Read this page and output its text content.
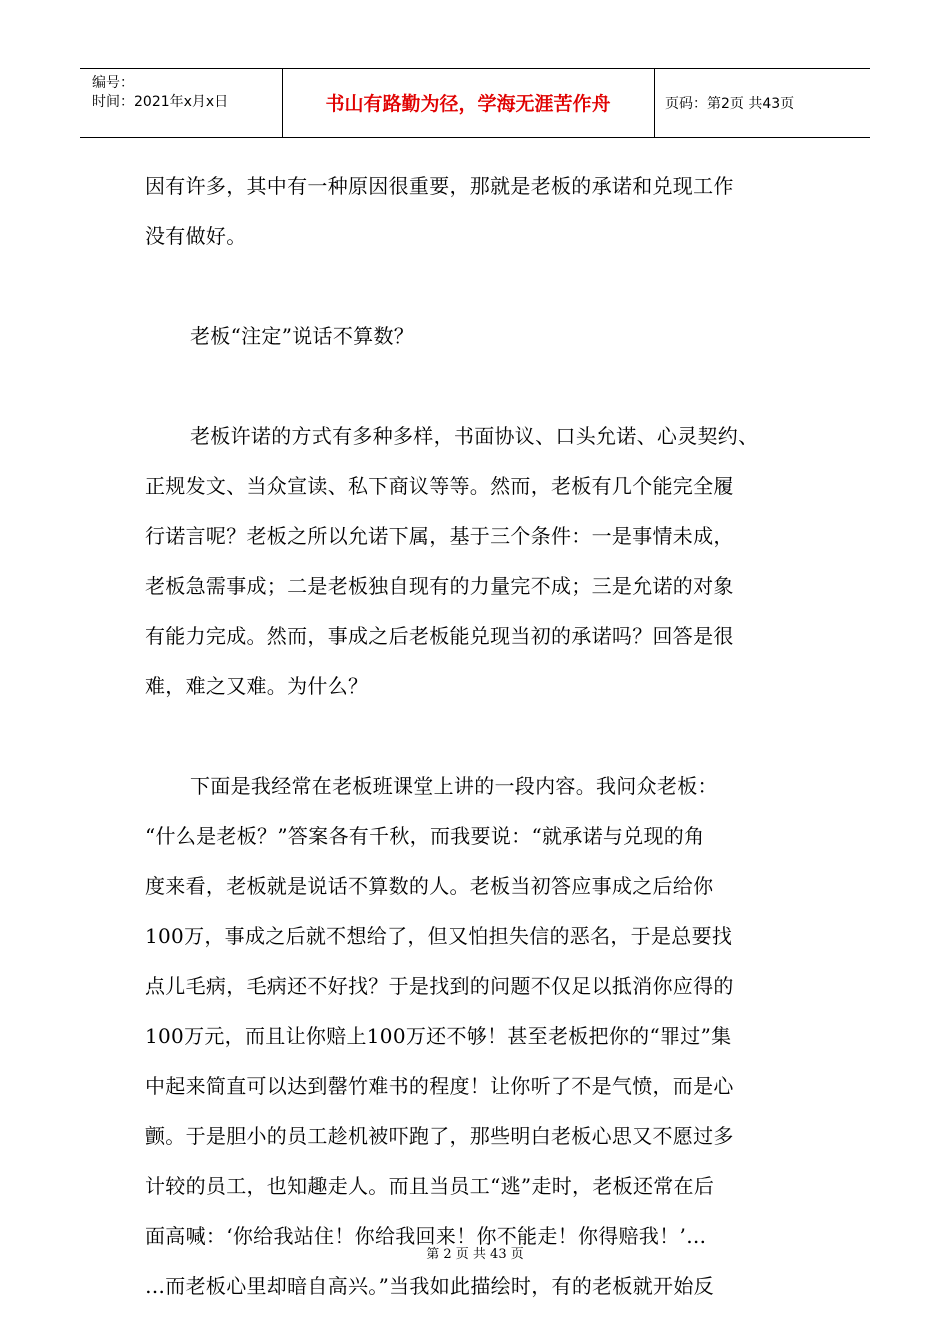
编号：
时间：2021年x月x日	书山有路勤为径，学海无涯苦作舟	页码：第2页 共43页
因有许多，其中有一种原因很重要，那就是老板的承诺和兑现工作
没有做好。
老板“注定”说话不算数？
老板许诺的方式有多种多样，书面协议、口头允诺、心灵契约、
正规发文、当众宣读、私下商议等等。然而，老板有几个能完全履
行诺言呢？老板之所以允诺下属，基于三个条件：一是事情未成，
老板急需事成；二是老板独自现有的力量完不成；三是允诺的对象
有能力完成。然而，事成之后老板能兑现当初的承诺吗？回答是很
难，难之又难。为什么？
下面是我经常在老板班课堂上讲的一段内容。我问众老板：
“什么是老板？”答案各有千秋，而我要说：“就承诺与兑现的角
度来看，老板就是说话不算数的人。老板当初答应事成之后给你
100万，事成之后就不想给了，但又怕担失信的恶名，于是总要找
点儿毛病，毛病还不好找？于是找到的问题不仅足以抵消你应得的
100万元，而且让你赔上100万还不够！甚至老板把你的“罪过”集
中起来简直可以达到罄竹难书的程度！让你听了不是气愤，而是心
颤。于是胆小的员工趁机被吓跑了，那些明白老板心思又不愿过多
计较的员工，也知趣走人。而且当员工“逃”走时，老板还常在后
面高喊：‘你给我站住！你给我回来！你不能走！你得赔我！’…
…而老板心里却暗自高兴。”当我如此描绘时，有的老板就开始反
第 2 页 共 43 页
